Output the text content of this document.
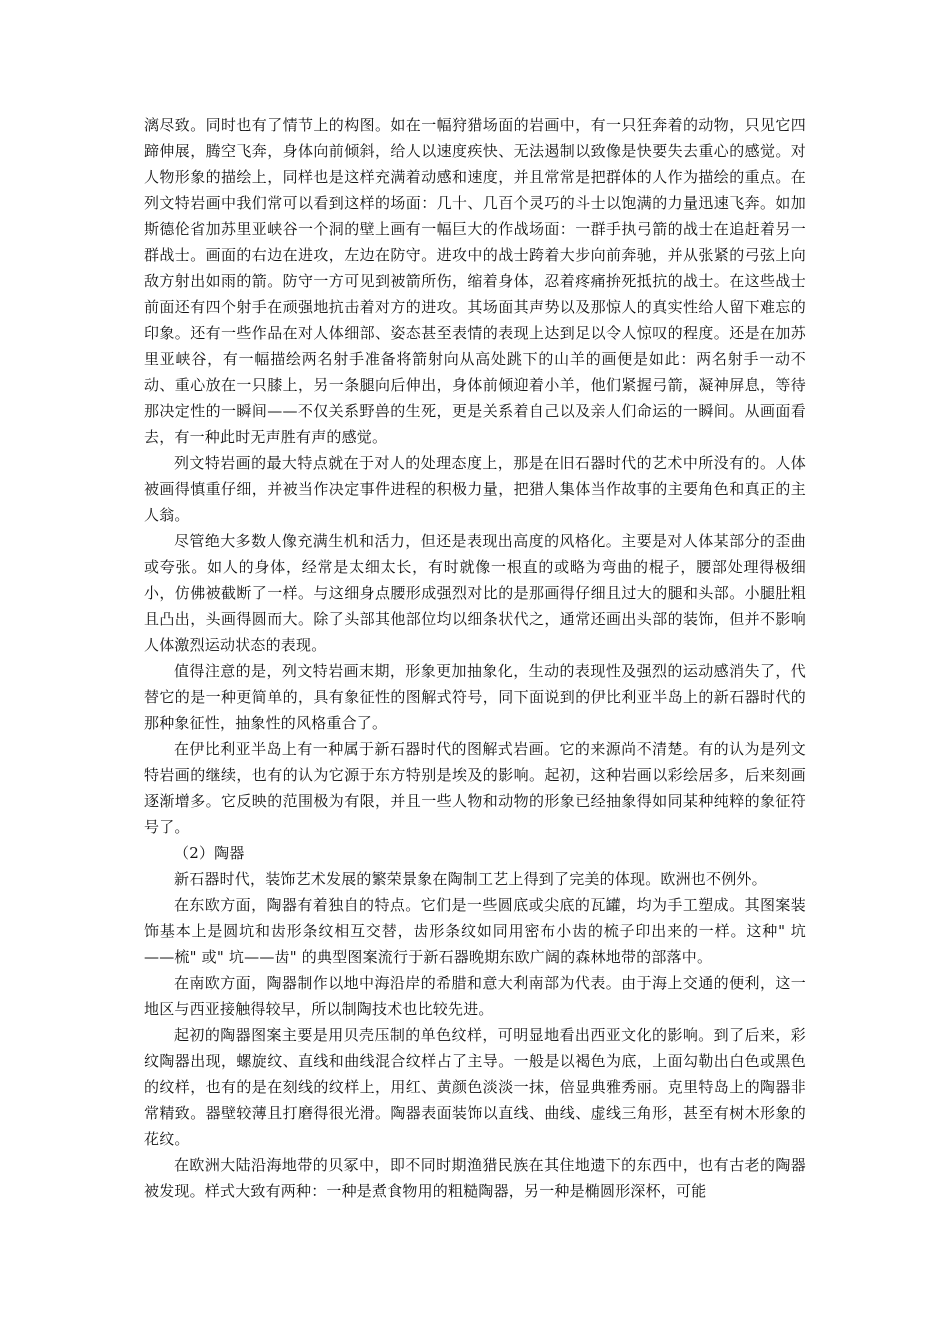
漓尽致。同时也有了情节上的构图。如在一幅狩猎场面的岩画中，有一只狂奔着的动物，只见它四蹄伸展，腾空飞奔，身体向前倾斜，给人以速度疾快、无法遏制以致像是快要失去重心的感觉。对人物形象的描绘上，同样也是这样充满着动感和速度，并且常常是把群体的人作为描绘的重点。在列文特岩画中我们常可以看到这样的场面：几十、几百个灵巧的斗士以饱满的力量迅速飞奔。如加斯德伦省加苏里亚峡谷一个洞的壁上画有一幅巨大的作战场面：一群手执弓箭的战士在追赶着另一群战士。画面的右边在进攻，左边在防守。进攻中的战士跨着大步向前奔驰，并从张紧的弓弦上向敌方射出如雨的箭。防守一方可见到被箭所伤，缩着身体，忍着疼痛拚死抵抗的战士。在这些战士前面还有四个射手在顽强地抗击着对方的进攻。其场面其声势以及那惊人的真实性给人留下难忘的印象。还有一些作品在对人体细部、姿态甚至表情的表现上达到足以令人惊叹的程度。还是在加苏里亚峡谷，有一幅描绘两名射手准备将箭射向从高处跳下的山羊的画便是如此：两名射手一动不动、重心放在一只膝上，另一条腿向后伸出，身体前倾迎着小羊，他们紧握弓箭，凝神屏息，等待那决定性的一瞬间——不仅关系野兽的生死，更是关系着自己以及亲人们命运的一瞬间。从画面看去，有一种此时无声胜有声的感觉。

列文特岩画的最大特点就在于对人的处理态度上，那是在旧石器时代的艺术中所没有的。人体被画得慎重仔细，并被当作决定事件进程的积极力量，把猎人集体当作故事的主要角色和真正的主人翁。

尽管绝大多数人像充满生机和活力，但还是表现出高度的风格化。主要是对人体某部分的歪曲或夸张。如人的身体，经常是太细太长，有时就像一根直的或略为弯曲的棍子，腰部处理得极细小，仿佛被截断了一样。与这细身点腰形成强烈对比的是那画得仔细且过大的腿和头部。小腿肚粗且凸出，头画得圆而大。除了头部其他部位均以细条状代之，通常还画出头部的装饰，但并不影响人体激烈运动状态的表现。

值得注意的是，列文特岩画末期，形象更加抽象化，生动的表现性及强烈的运动感消失了，代替它的是一种更简单的，具有象征性的图解式符号，同下面说到的伊比利亚半岛上的新石器时代的那种象征性，抽象性的风格重合了。

在伊比利亚半岛上有一种属于新石器时代的图解式岩画。它的来源尚不清楚。有的认为是列文特岩画的继续，也有的认为它源于东方特别是埃及的影响。起初，这种岩画以彩绘居多，后来刻画逐渐增多。它反映的范围极为有限，并且一些人物和动物的形象已经抽象得如同某种纯粹的象征符号了。

（2）陶器

新石器时代，装饰艺术发展的繁荣景象在陶制工艺上得到了完美的体现。欧洲也不例外。

在东欧方面，陶器有着独自的特点。它们是一些圆底或尖底的瓦罐，均为手工塑成。其图案装饰基本上是圆坑和齿形条纹相互交替，齿形条纹如同用密布小齿的梳子印出来的一样。这种" 坑——梳" 或" 坑——齿" 的典型图案流行于新石器晚期东欧广阔的森林地带的部落中。

在南欧方面，陶器制作以地中海沿岸的希腊和意大利南部为代表。由于海上交通的便利，这一地区与西亚接触得较早，所以制陶技术也比较先进。

起初的陶器图案主要是用贝壳压制的单色纹样，可明显地看出西亚文化的影响。到了后来，彩纹陶器出现，螺旋纹、直线和曲线混合纹样占了主导。一般是以褐色为底，上面勾勒出白色或黑色的纹样，也有的是在刻线的纹样上，用红、黄颜色淡淡一抹，倍显典雅秀丽。克里特岛上的陶器非常精致。器壁较薄且打磨得很光滑。陶器表面装饰以直线、曲线、虚线三角形，甚至有树木形象的花纹。

在欧洲大陆沿海地带的贝冢中，即不同时期渔猎民族在其住地遗下的东西中，也有古老的陶器被发现。样式大致有两种：一种是煮食物用的粗糙陶器，另一种是椭圆形深杯，可能
